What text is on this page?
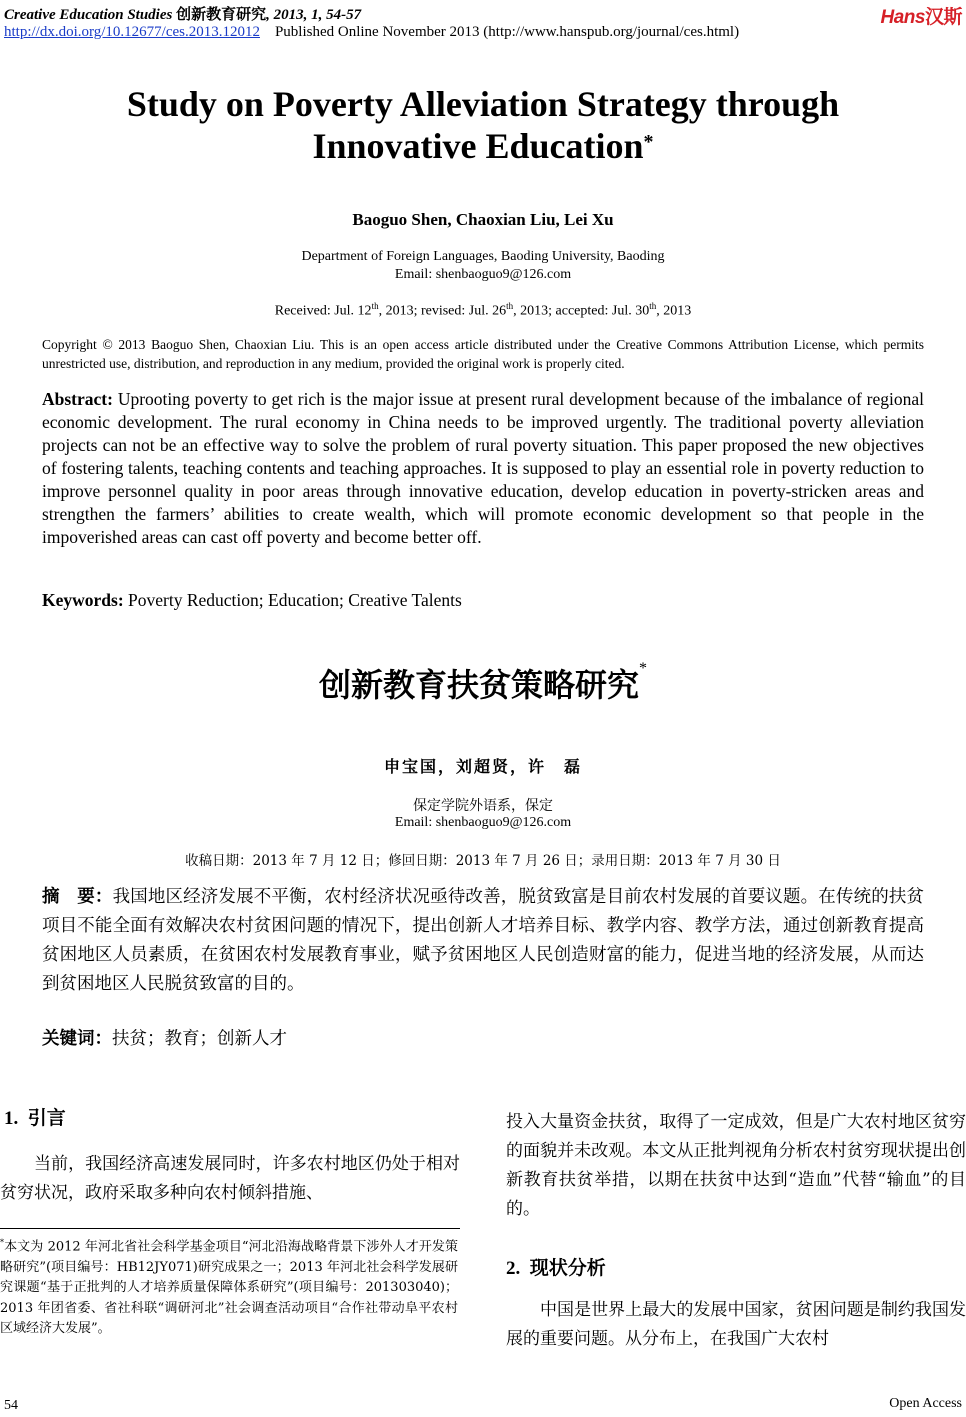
Creative Education Studies 创新教育研究, 2013, 1, 54-57	Hans汉斯
http://dx.doi.org/10.12677/ces.2013.12012 Published Online November 2013 (http://www.hanspub.org/journal/ces.html)
Study on Poverty Alleviation Strategy through
Innovative Education*
Baoguo Shen, Chaoxian Liu, Lei Xu
Department of Foreign Languages, Baoding University, Baoding
Email: shenbaoguo9@126.com
Received: Jul. 12th, 2013; revised: Jul. 26th, 2013; accepted: Jul. 30th, 2013
Copyright © 2013 Baoguo Shen, Chaoxian Liu. This is an open access article distributed under the Creative Commons Attribution License, which permits unrestricted use, distribution, and reproduction in any medium, provided the original work is properly cited.
Abstract: Uprooting poverty to get rich is the major issue at present rural development because of the imbalance of regional economic development. The rural economy in China needs to be improved urgently. The traditional poverty alleviation projects can not be an effective way to solve the problem of rural poverty situation. This paper proposed the new objectives of fostering talents, teaching contents and teaching approaches. It is supposed to play an essential role in poverty reduction to improve personnel quality in poor areas through innovative education, develop education in poverty-stricken areas and strengthen the farmers’ abilities to create wealth, which will promote economic development so that people in the impoverished areas can cast off poverty and become better off.
Keywords: Poverty Reduction; Education; Creative Talents
创新教育扶贫策略研究*
申宝国，刘超贤，许　磊
保定学院外语系，保定
Email: shenbaoguo9@126.com
收稿日期：2013 年 7 月 12 日；修回日期：2013 年 7 月 26 日；录用日期：2013 年 7 月 30 日
摘　要：我国地区经济发展不平衡，农村经济状况亟待改善，脱贫致富是目前农村发展的首要议题。在传统的扶贫项目不能全面有效解决农村贫困问题的情况下，提出创新人才培养目标、教学内容、教学方法，通过创新教育提高贫困地区人员素质，在贫困农村发展教育事业，赋予贫困地区人民创造财富的能力，促进当地的经济发展，从而达到贫困地区人民脱贫致富的目的。
关键词：扶贫；教育；创新人才
1. 引言
当前，我国经济高速发展同时，许多农村地区仍处于相对贫穷状况，政府采取多种向农村倾斜措施、
*本文为 2012 年河北省社会科学基金项目“河北沿海战略背景下涉外人才开发策略研究”(项目编号：HB12JY071)研究成果之一；2013 年河北社会科学发展研究课题“基于正批判的人才培养质量保障体系研究”(项目编号：201303040)；2013 年团省委、省社科联“调研河北”社会调查活动项目“合作社带动阜平农村区域经济大发展”。
投入大量资金扶贫，取得了一定成效，但是广大农村地区贫穷的面貌并未改观。本文从正批判视角分析农村贫穷现状提出创新教育扶贫举措，以期在扶贫中达到“造血”代替“输血”的目的。
2. 现状分析
中国是世界上最大的发展中国家，贫困问题是制约我国发展的重要问题。从分布上，在我国广大农村
54	Open Access
